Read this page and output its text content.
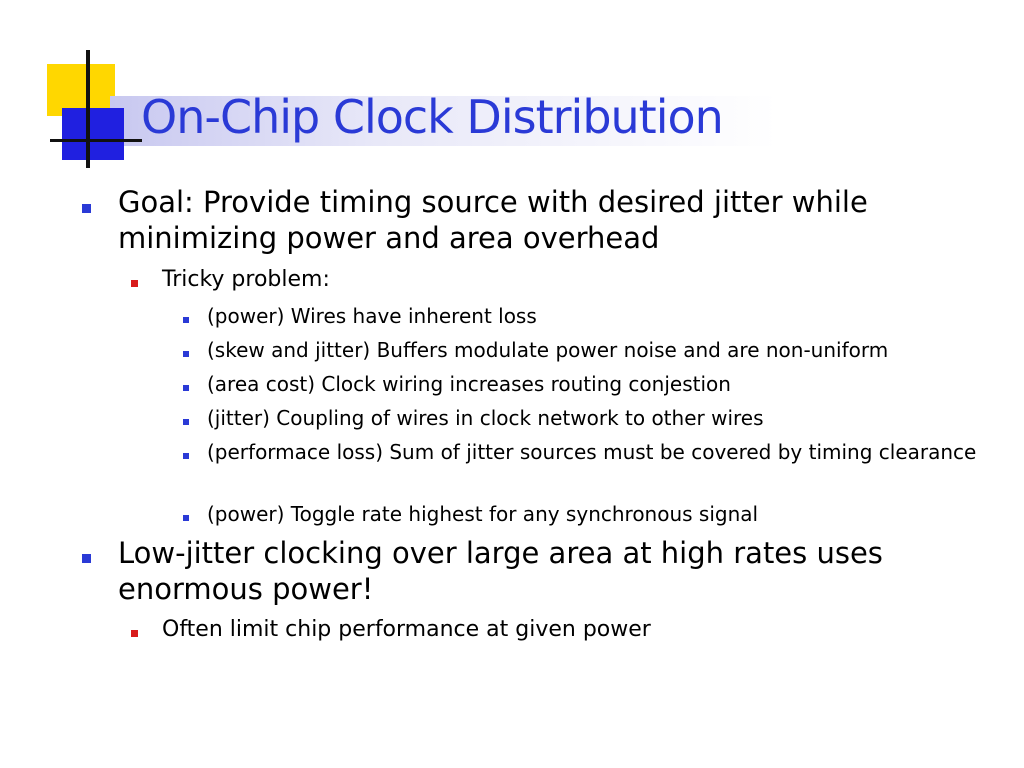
On-Chip Clock Distribution
Goal: Provide timing source with desired jitter while minimizing power and area overhead
Tricky problem:
(power) Wires have inherent loss
(skew and jitter) Buffers modulate power noise and are non-uniform
(area cost) Clock wiring increases routing conjestion
(jitter) Coupling of wires in clock network to other wires
(performace loss) Sum of jitter sources must be covered by timing clearance
(power) Toggle rate highest for any synchronous signal
Low-jitter clocking over large area at high rates uses enormous power!
Often limit chip performance at given power
